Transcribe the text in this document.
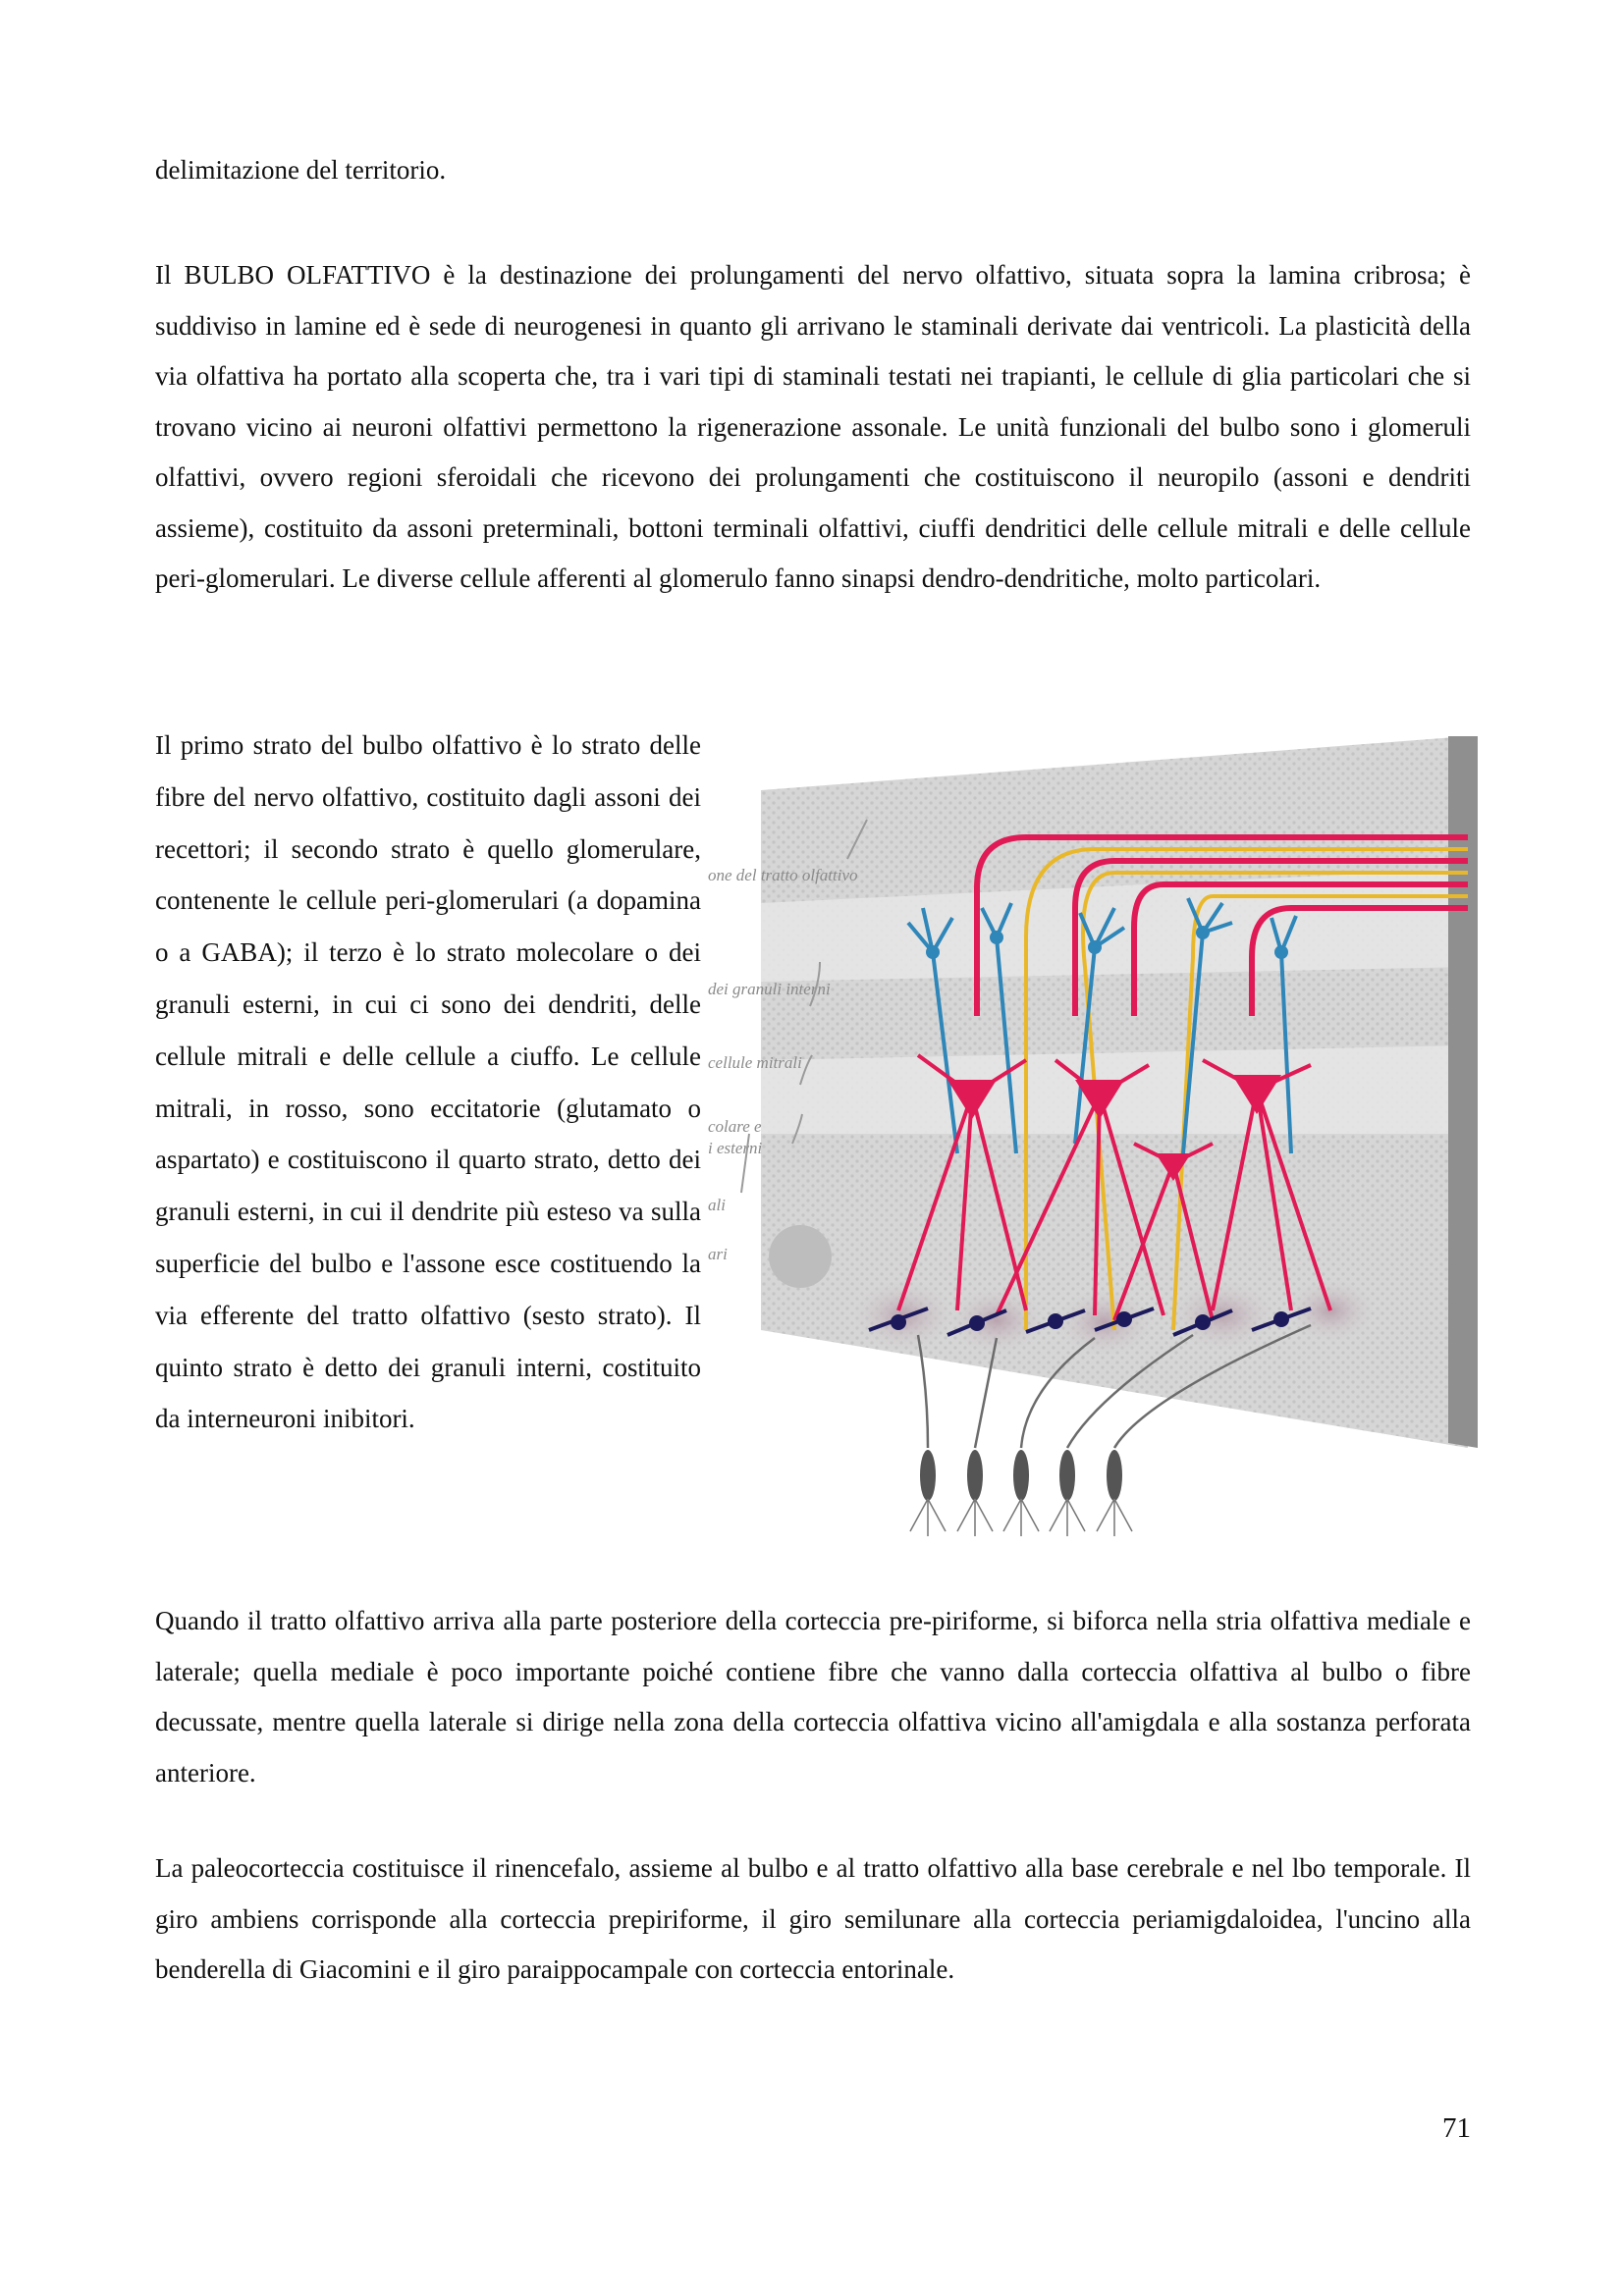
delimitazione del territorio.

Il BULBO OLFATTIVO è la destinazione dei prolungamenti del nervo olfattivo, situata sopra la lamina cribrosa; è suddiviso in lamine ed è sede di neurogenesi in quanto gli arrivano le staminali derivate dai ventricoli. La plasticità della via olfattiva ha portato alla scoperta che, tra i vari tipi di staminali testati nei trapianti, le cellule di glia particolari che si trovano vicino ai neuroni olfattivi permettono la rigenerazione assonale. Le unità funzionali del bulbo sono i glomeruli olfattivi, ovvero regioni sferoidali che ricevono dei prolungamenti che costituiscono il neuropilo (assoni e dendriti assieme), costituito da assoni preterminali, bottoni terminali olfattivi, ciuffi dendritici delle cellule mitrali e delle cellule peri-glomerulari. Le diverse cellule afferenti al glomerulo fanno sinapsi dendro-dendritiche, molto particolari.

Il primo strato del bulbo olfattivo è lo strato delle fibre del nervo olfattivo, costituito dagli assoni dei recettori; il secondo strato è quello glomerulare, contenente le cellule peri-glomerulari (a dopamina o a GABA); il terzo è lo strato molecolare o dei granuli esterni, in cui ci sono dei dendriti, delle cellule mitrali e delle cellule a ciuffo. Le cellule mitrali, in rosso, sono eccitatorie (glutamato o aspartato) e costituiscono il quarto strato, detto dei granuli esterni, in cui il dendrite più esteso va sulla superficie del bulbo e l'assone esce costituendo la via efferente del tratto olfattivo (sesto strato). Il quinto strato è detto dei granuli interni, costituito da interneuroni inibitori.

one del tratto olfattivo
dei granuli interni
cellule mitrali
colare e
i esterni
ali
ari

Quando il tratto olfattivo arriva alla parte posteriore della corteccia pre-piriforme, si biforca nella stria olfattiva mediale e laterale; quella mediale è poco importante poiché contiene fibre che vanno dalla corteccia olfattiva al bulbo o fibre decussate, mentre quella laterale si dirige nella zona della corteccia olfattiva vicino all'amigdala e alla sostanza perforata anteriore.

La paleocorteccia costituisce il rinencefalo, assieme al bulbo e al tratto olfattivo alla base cerebrale e nel lbo temporale. Il giro ambiens corrisponde alla corteccia prepiriforme, il giro semilunare alla corteccia periamigdaloidea, l'uncino alla benderella di Giacomini e il giro paraippocampale con corteccia entorinale.

71
